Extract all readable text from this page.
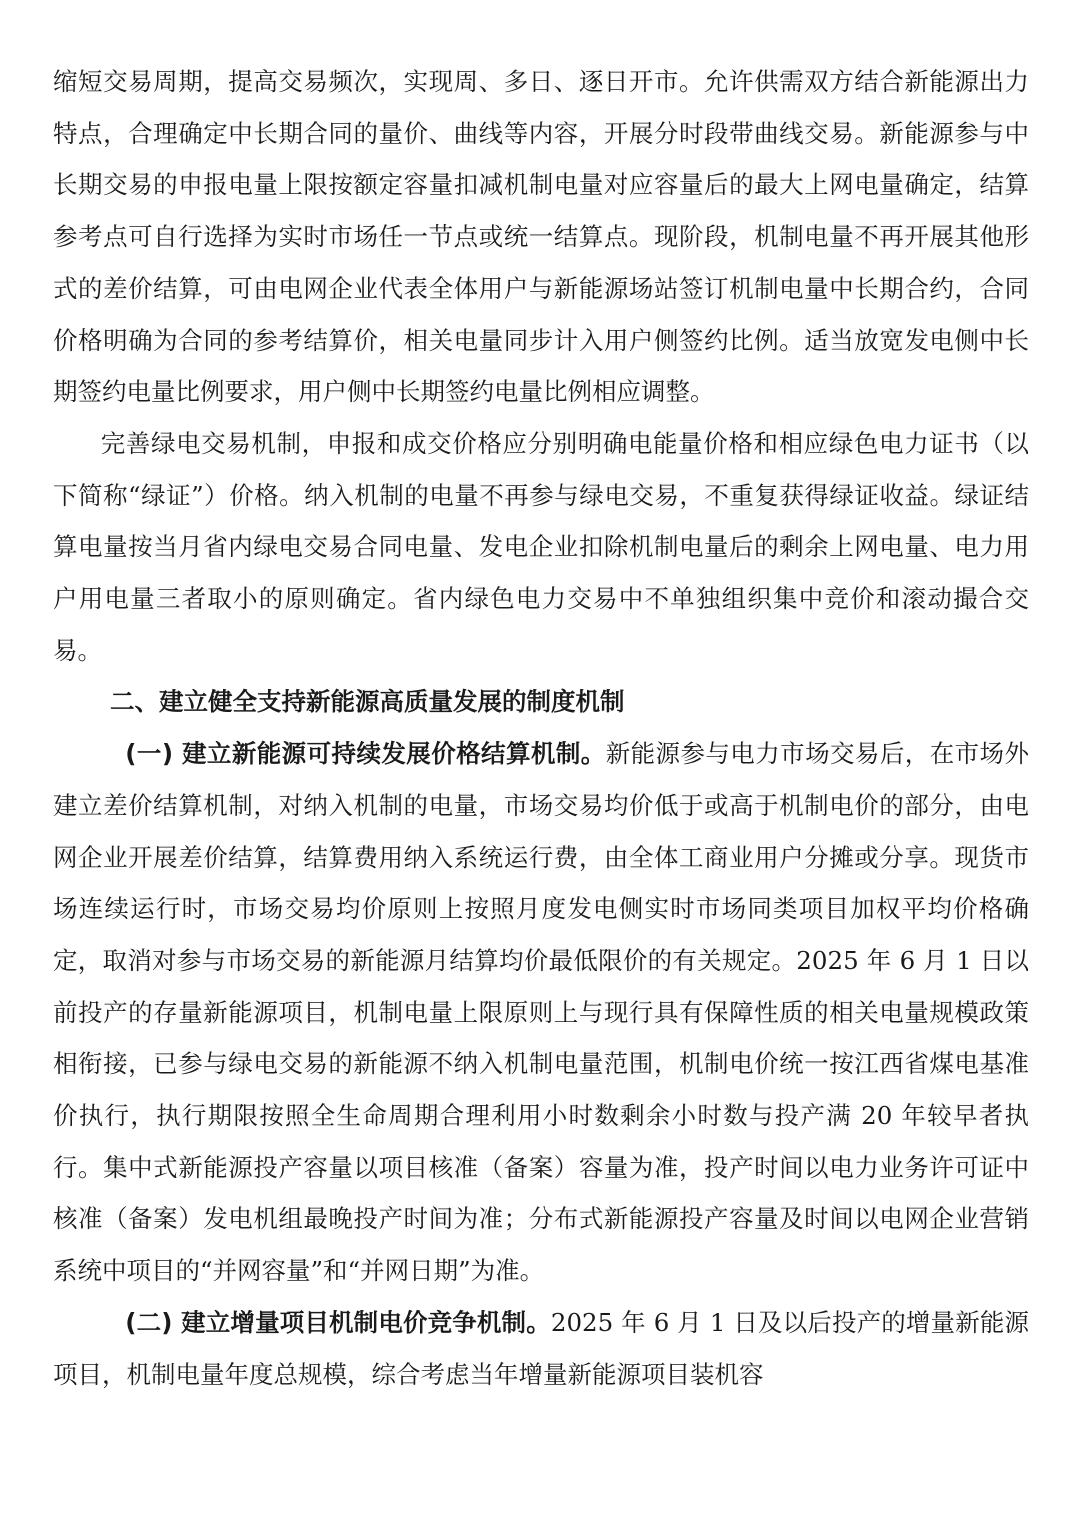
缩短交易周期，提高交易频次，实现周、多日、逐日开市。允许供需双方结合新能源出力特点，合理确定中长期合同的量价、曲线等内容，开展分时段带曲线交易。新能源参与中长期交易的申报电量上限按额定容量扣减机制电量对应容量后的最大上网电量确定，结算参考点可自行选择为实时市场任一节点或统一结算点。现阶段，机制电量不再开展其他形式的差价结算，可由电网企业代表全体用户与新能源场站签订机制电量中长期合约，合同价格明确为合同的参考结算价，相关电量同步计入用户侧签约比例。适当放宽发电侧中长期签约电量比例要求，用户侧中长期签约电量比例相应调整。

完善绿电交易机制，申报和成交价格应分别明确电能量价格和相应绿色电力证书（以下简称“绿证”）价格。纳入机制的电量不再参与绿电交易，不重复获得绿证收益。绿证结算电量按当月省内绿电交易合同电量、发电企业扣除机制电量后的剩余上网电量、电力用户用电量三者取小的原则确定。省内绿色电力交易中不单独组织集中竞价和滚动撮合交易。

二、建立健全支持新能源高质量发展的制度机制

(一) 建立新能源可持续发展价格结算机制。新能源参与电力市场交易后，在市场外建立差价结算机制，对纳入机制的电量，市场交易均价低于或高于机制电价的部分，由电网企业开展差价结算，结算费用纳入系统运行费，由全体工商业用户分摊或分享。现货市场连续运行时，市场交易均价原则上按照月度发电侧实时市场同类项目加权平均价格确定，取消对参与市场交易的新能源月结算均价最低限价的有关规定。2025 年 6 月 1 日以前投产的存量新能源项目，机制电量上限原则上与现行具有保障性质的相关电量规模政策相衔接，已参与绿电交易的新能源不纳入机制电量范围，机制电价统一按江西省煤电基准价执行，执行期限按照全生命周期合理利用小时数剩余小时数与投产满 20 年较早者执行。集中式新能源投产容量以项目核准（备案）容量为准，投产时间以电力业务许可证中核准（备案）发电机组最晚投产时间为准；分布式新能源投产容量及时间以电网企业营销系统中项目的“并网容量”和“并网日期”为准。

(二) 建立增量项目机制电价竞争机制。2025 年 6 月 1 日及以后投产的增量新能源项目，机制电量年度总规模，综合考虑当年增量新能源项目装机容
